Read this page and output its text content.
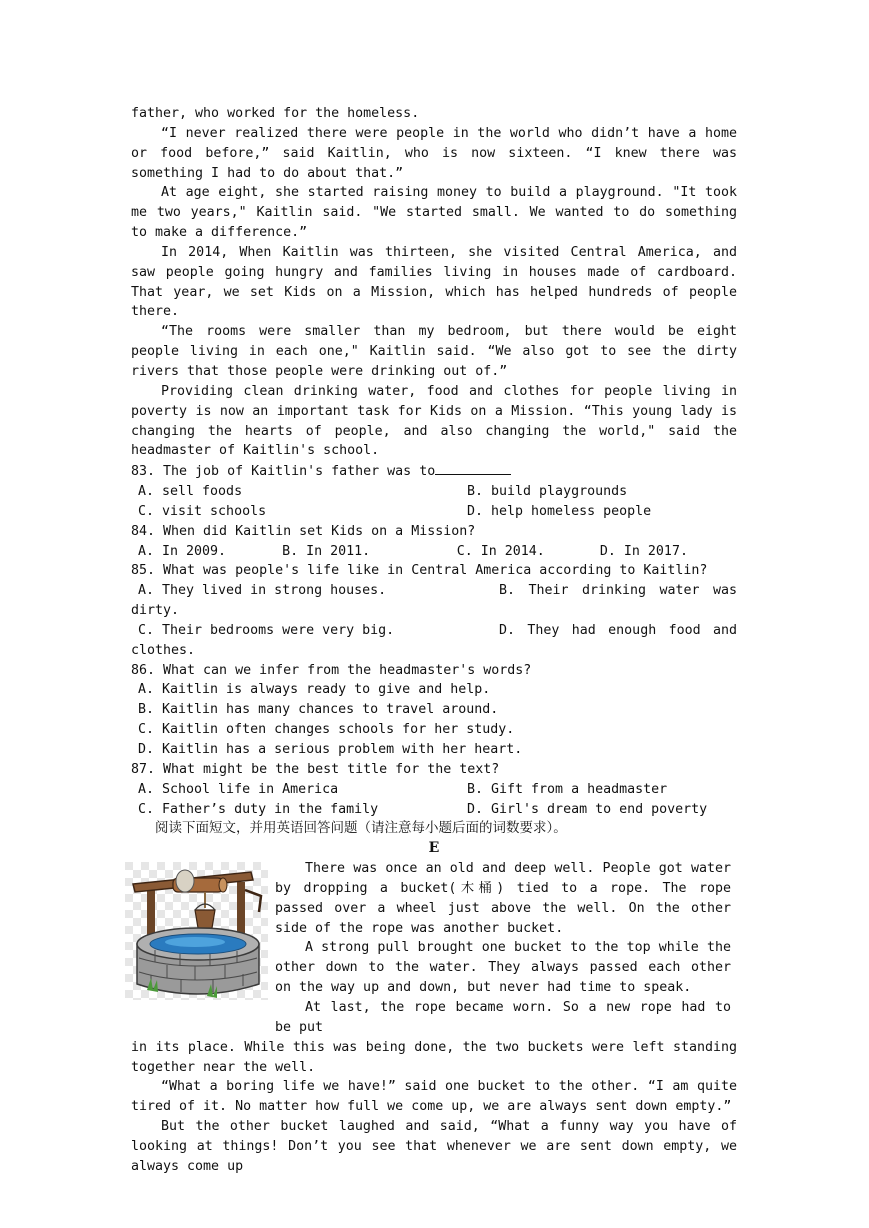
father, who worked for the homeless.

“I never realized there were people in the world who didn’t have a home or food before,” said Kaitlin, who is now sixteen. “I knew there was something I had to do about that.”

At age eight, she started raising money to build a playground. "It took me two years," Kaitlin said. "We started small. We wanted to do something to make a difference.”

In 2014, When Kaitlin was thirteen, she visited Central America, and saw people going hungry and families living in houses made of cardboard. That year, we set Kids on a Mission, which has helped hundreds of people there.

“The rooms were smaller than my bedroom, but there would be eight people living in each one," Kaitlin said. “We also got to see the dirty rivers that those people were drinking out of.”

Providing clean drinking water, food and clothes for people living in poverty is now an important task for Kids on a Mission. “This young lady is changing the hearts of people, and also changing the world," said the headmaster of Kaitlin's school.

83. The job of Kaitlin's father was to
A. sell foods	B. build playgrounds
C. visit schools	D. help homeless people
84. When did Kaitlin set Kids on a Mission?
A. In 2009.	B. In 2011.	C. In 2014.	D. In 2017.
85. What was people's life like in Central America according to Kaitlin?
A. They lived in strong houses.	B. Their drinking water was dirty.
C. Their bedrooms were very big.	D. They had enough food and clothes.
86. What can we infer from the headmaster's words?
A. Kaitlin is always ready to give and help.
B. Kaitlin has many chances to travel around.
C. Kaitlin often changes schools for her study.
D. Kaitlin has a serious problem with her heart.
87. What might be the best title for the text?
A. School life in America	B. Gift from a headmaster
C. Father’s duty in the family	D. Girl's dream to end poverty
阅读下面短文，并用英语回答问题（请注意每小题后面的词数要求）。
E

There was once an old and deep well. People got water by dropping a bucket(木桶) tied to a rope. The rope passed over a wheel just above the well. On the other side of the rope was another bucket.

A strong pull brought one bucket to the top while the other down to the water. They always passed each other on the way up and down, but never had time to speak.

At last, the rope became worn. So a new rope had to be put

in its place. While this was being done, the two buckets were left standing together near the well.

“What a boring life we have!” said one bucket to the other. “I am quite tired of it. No matter how full we come up, we are always sent down empty.”

But the other bucket laughed and said, “What a funny way you have of looking at things! Don’t you see that whenever we are sent down empty, we always come up
